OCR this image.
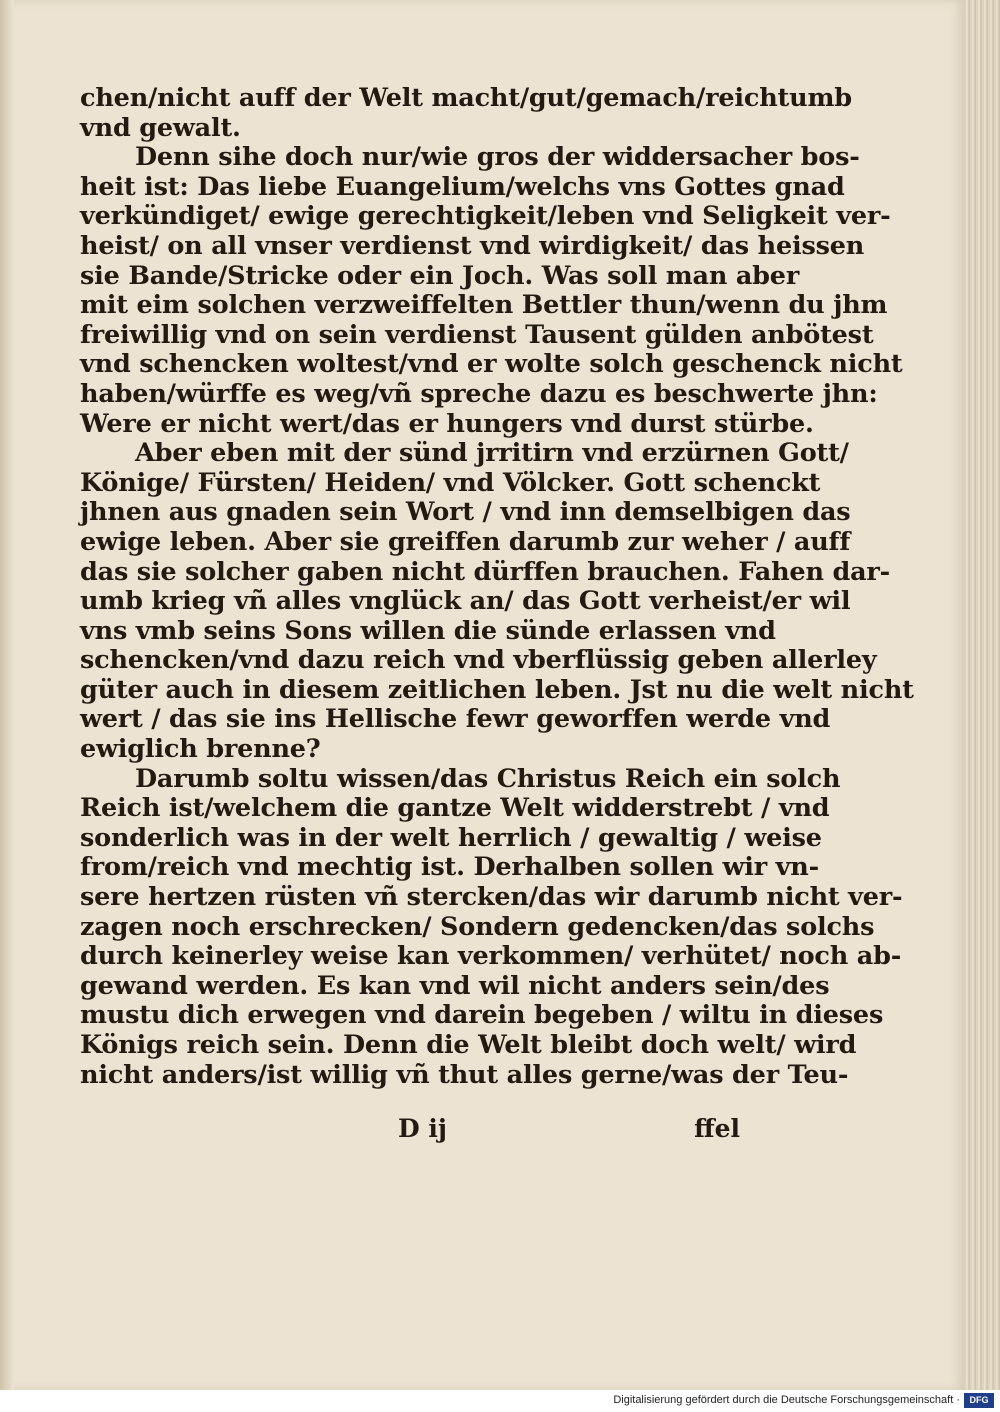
chen/nicht auff der Welt macht/gut/gemach/reichtumb
vnd gewalt.
Denn sihe doch nur/wie gros der widdersacher bos-
heit ist: Das liebe Euangelium/welchs vns Gottes gnad
verkündiget/ ewige gerechtigkeit/leben vnd Seligkeit ver-
heist/ on all vnser verdienst vnd wirdigkeit/ das heissen
sie Bande/Stricke oder ein Joch. Was soll man aber
mit eim solchen verzweiffelten Bettler thun/wenn du jhm
freiwillig vnd on sein verdienst Tausent gülden anbötest
vnd schencken woltest/vnd er wolte solch geschenck nicht
haben/würffe es weg/vñ spreche dazu es beschwerte jhn:
Were er nicht wert/das er hungers vnd durst stürbe.
Aber eben mit der sünd jrritirn vnd erzürnen Gott/
Könige/ Fürsten/ Heiden/ vnd Völcker. Gott schenckt
jhnen aus gnaden sein Wort / vnd inn demselbigen das
ewige leben. Aber sie greiffen darumb zur weher / auff
das sie solcher gaben nicht dürffen brauchen. Fahen dar-
umb krieg vñ alles vnglück an/ das Gott verheist/er wil
vns vmb seins Sons willen die sünde erlassen vnd
schencken/vnd dazu reich vnd vberflüssig geben allerley
güter auch in diesem zeitlichen leben. Jst nu die welt nicht
wert / das sie ins Hellische fewr geworffen werde vnd
ewiglich brenne?
Darumb soltu wissen/das Christus Reich ein solch
Reich ist/welchem die gantze Welt widderstrebt / vnd
sonderlich was in der welt herrlich / gewaltig / weise
from/reich vnd mechtig ist. Derhalben sollen wir vn-
sere hertzen rüsten vñ stercken/das wir darumb nicht ver-
zagen noch erschrecken/ Sondern gedencken/das solchs
durch keinerley weise kan verkommen/ verhütet/ noch ab-
gewand werden. Es kan vnd wil nicht anders sein/des
mustu dich erwegen vnd darein begeben / wiltu in dieses
Königs reich sein. Denn die Welt bleibt doch welt/ wird
nicht anders/ist willig vñ thut alles gerne/was der Teu-
D ij	ffel
Digitalisierung gefördert durch die Deutsche Forschungsgemeinschaft ·	DFG
